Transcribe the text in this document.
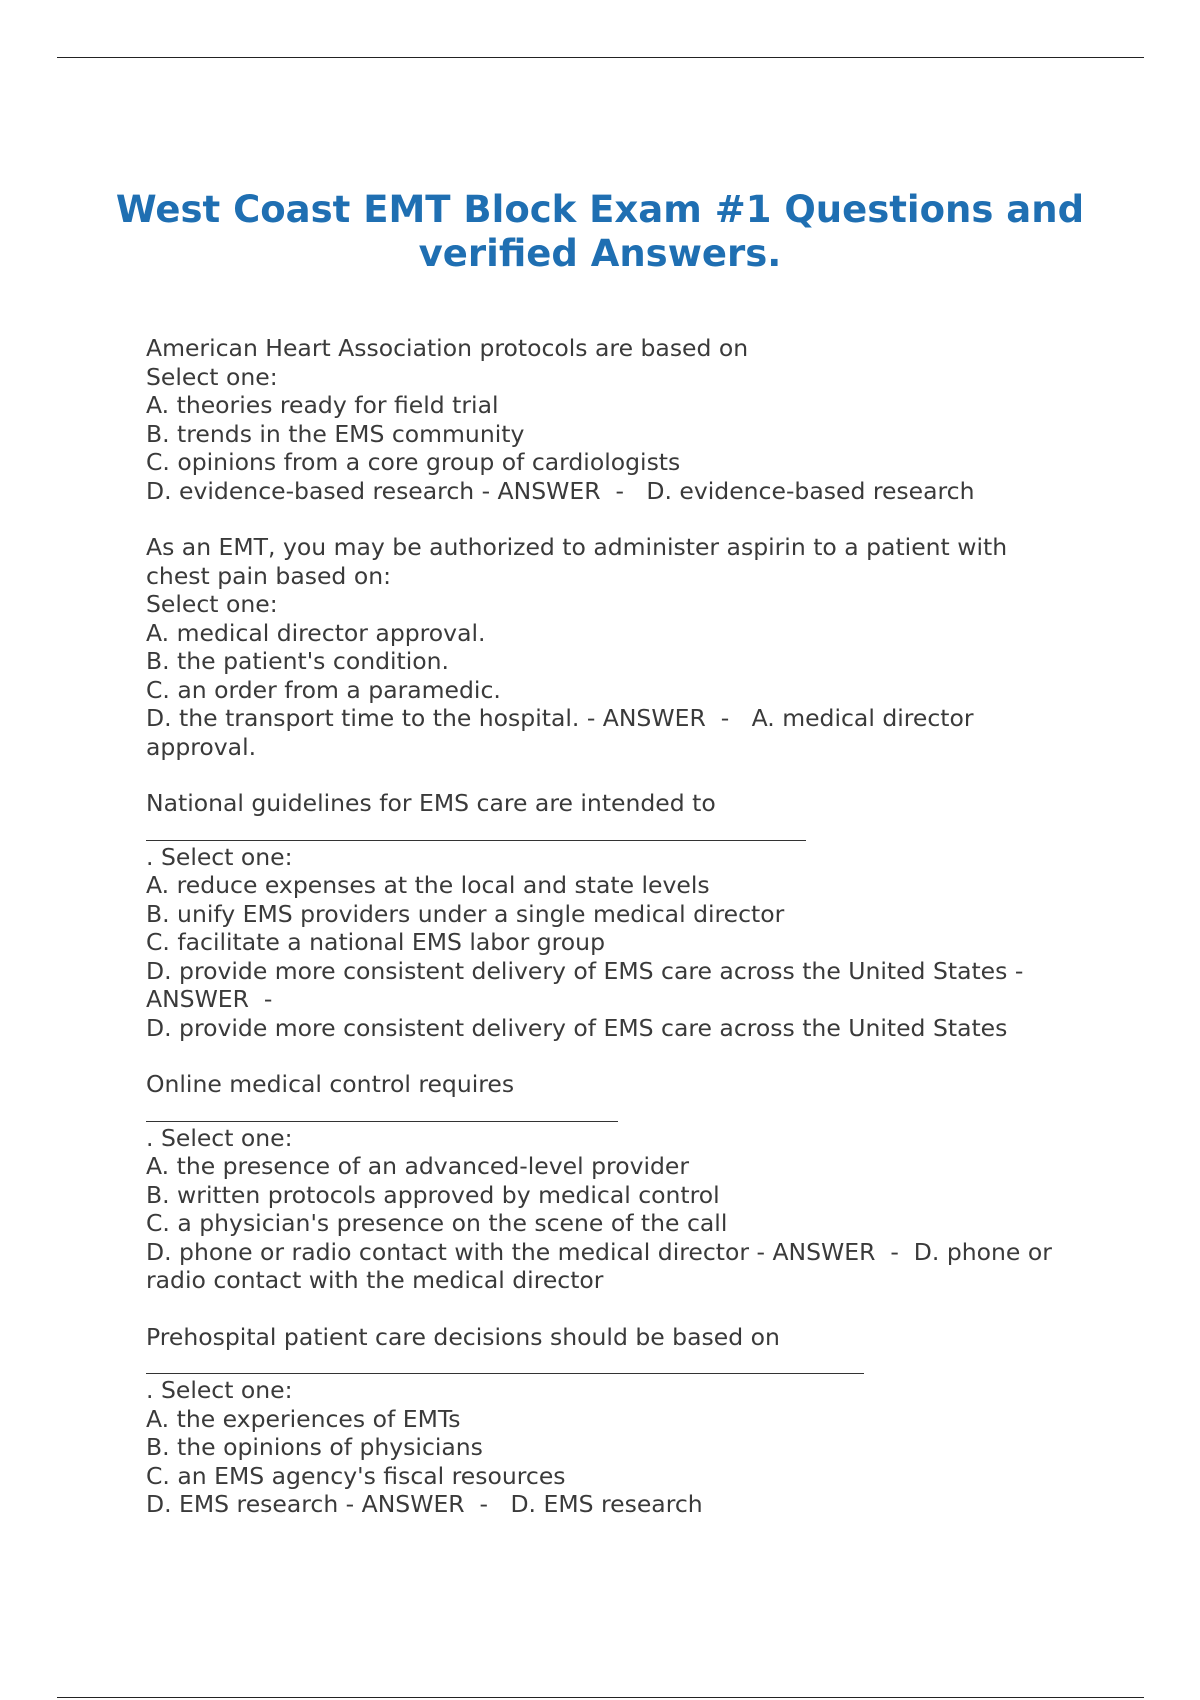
West Coast EMT Block Exam #1 Questions and verified Answers.
American Heart Association protocols are based on
Select one:
A. theories ready for field trial
B. trends in the EMS community
C. opinions from a core group of cardiologists
D. evidence-based research - ANSWER  -   D. evidence-based research
As an EMT, you may be authorized to administer aspirin to a patient with chest pain based on:
Select one:
A. medical director approval.
B. the patient's condition.
C. an order from a paramedic.
D. the transport time to the hospital. - ANSWER  -   A. medical director approval.
National guidelines for EMS care are intended to
. Select one:
A. reduce expenses at the local and state levels
B. unify EMS providers under a single medical director
C. facilitate a national EMS labor group
D. provide more consistent delivery of EMS care across the United States - ANSWER  -
D. provide more consistent delivery of EMS care across the United States
Online medical control requires
. Select one:
A. the presence of an advanced-level provider
B. written protocols approved by medical control
C. a physician's presence on the scene of the call
D. phone or radio contact with the medical director - ANSWER  -  D. phone or radio contact with the medical director
Prehospital patient care decisions should be based on
. Select one:
A. the experiences of EMTs
B. the opinions of physicians
C. an EMS agency's fiscal resources
D. EMS research - ANSWER  -   D. EMS research
